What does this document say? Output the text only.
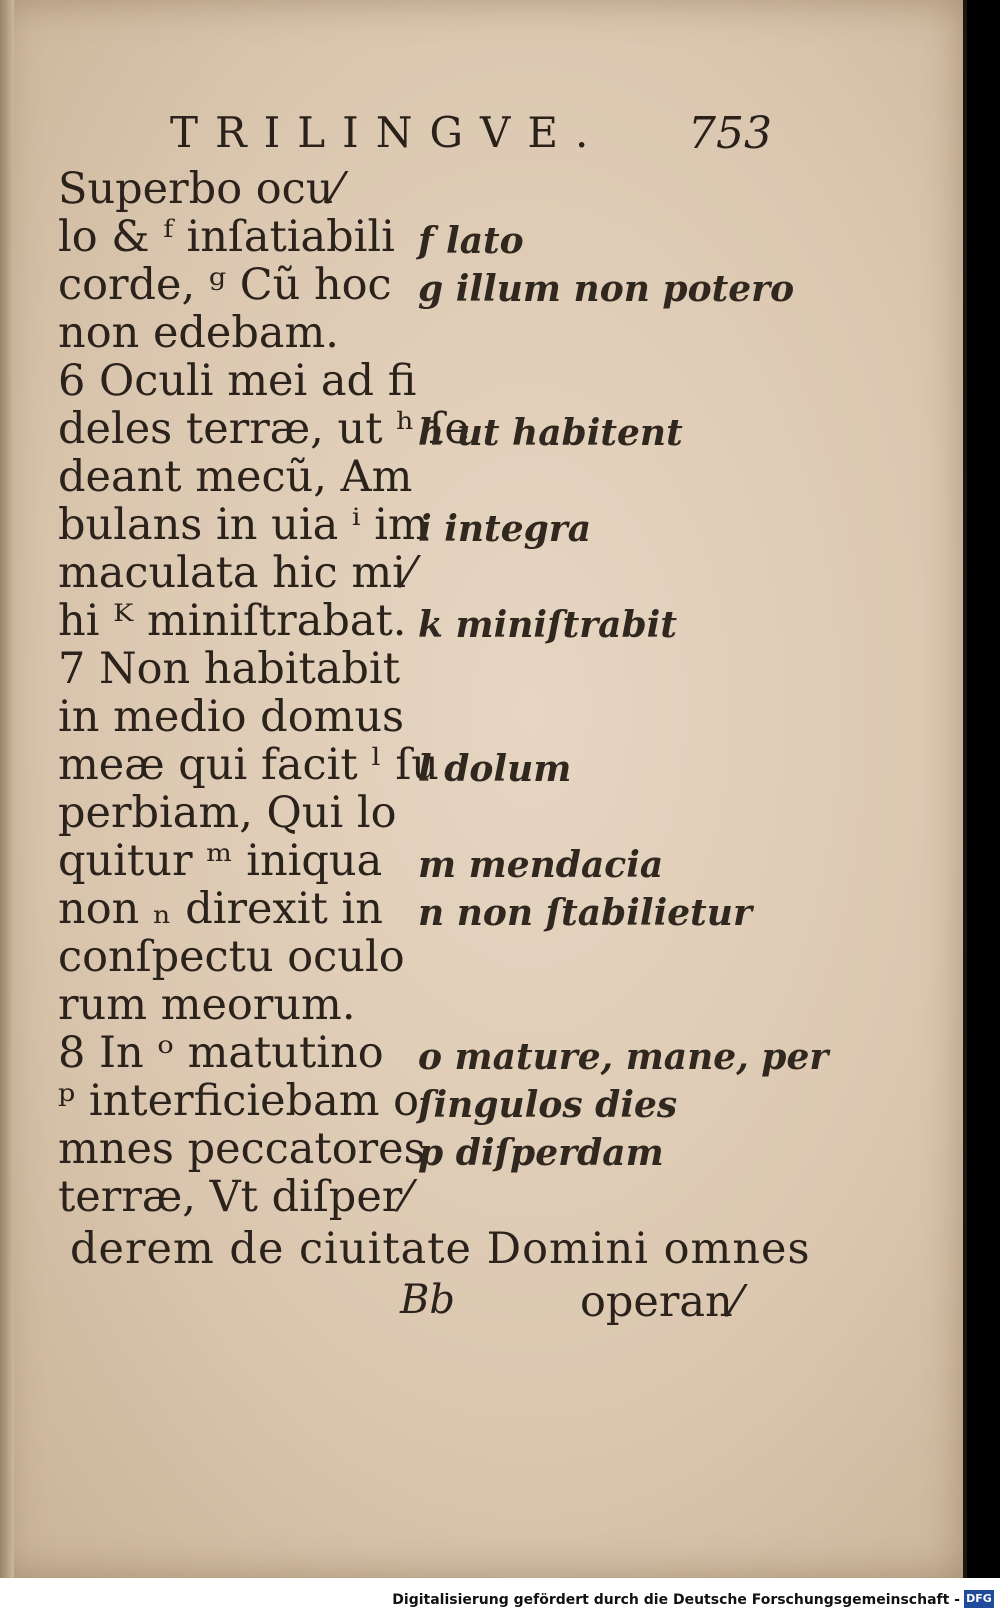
TRILINGVE. 753
Superbo ocu⁄
lo & ᶠ inſatiabili
corde, ᵍ Cũ hoc
non edebam.
6 Oculi mei ad fi
deles terræ, ut ʰ ſe
deant mecũ, Am
bulans in uia ⁱ im
maculata hic mi⁄
hi ᴷ miniſtrabat.
7 Non habitabit
in medio domus
meæ qui facit ˡ ſu
perbiam, Qui lo
quitur ᵐ iniqua
non ₙ direxit in
conſpectu oculo
rum meorum.
8 In ᵒ matutino
ᵖ interficiebam o
mnes peccatores
terræ, Vt diſper⁄
f lato
g illum non potero
h ut habitent
i integra
k miniſtrabit
l dolum
m mendacia
n non ſtabilietur
o mature, mane, per
ſingulos dies
p diſperdam
derem de ciuitate Domini omnes
Bb	operan⁄
Digitalisierung gefördert durch die Deutsche Forschungsgemeinschaft - DFG
